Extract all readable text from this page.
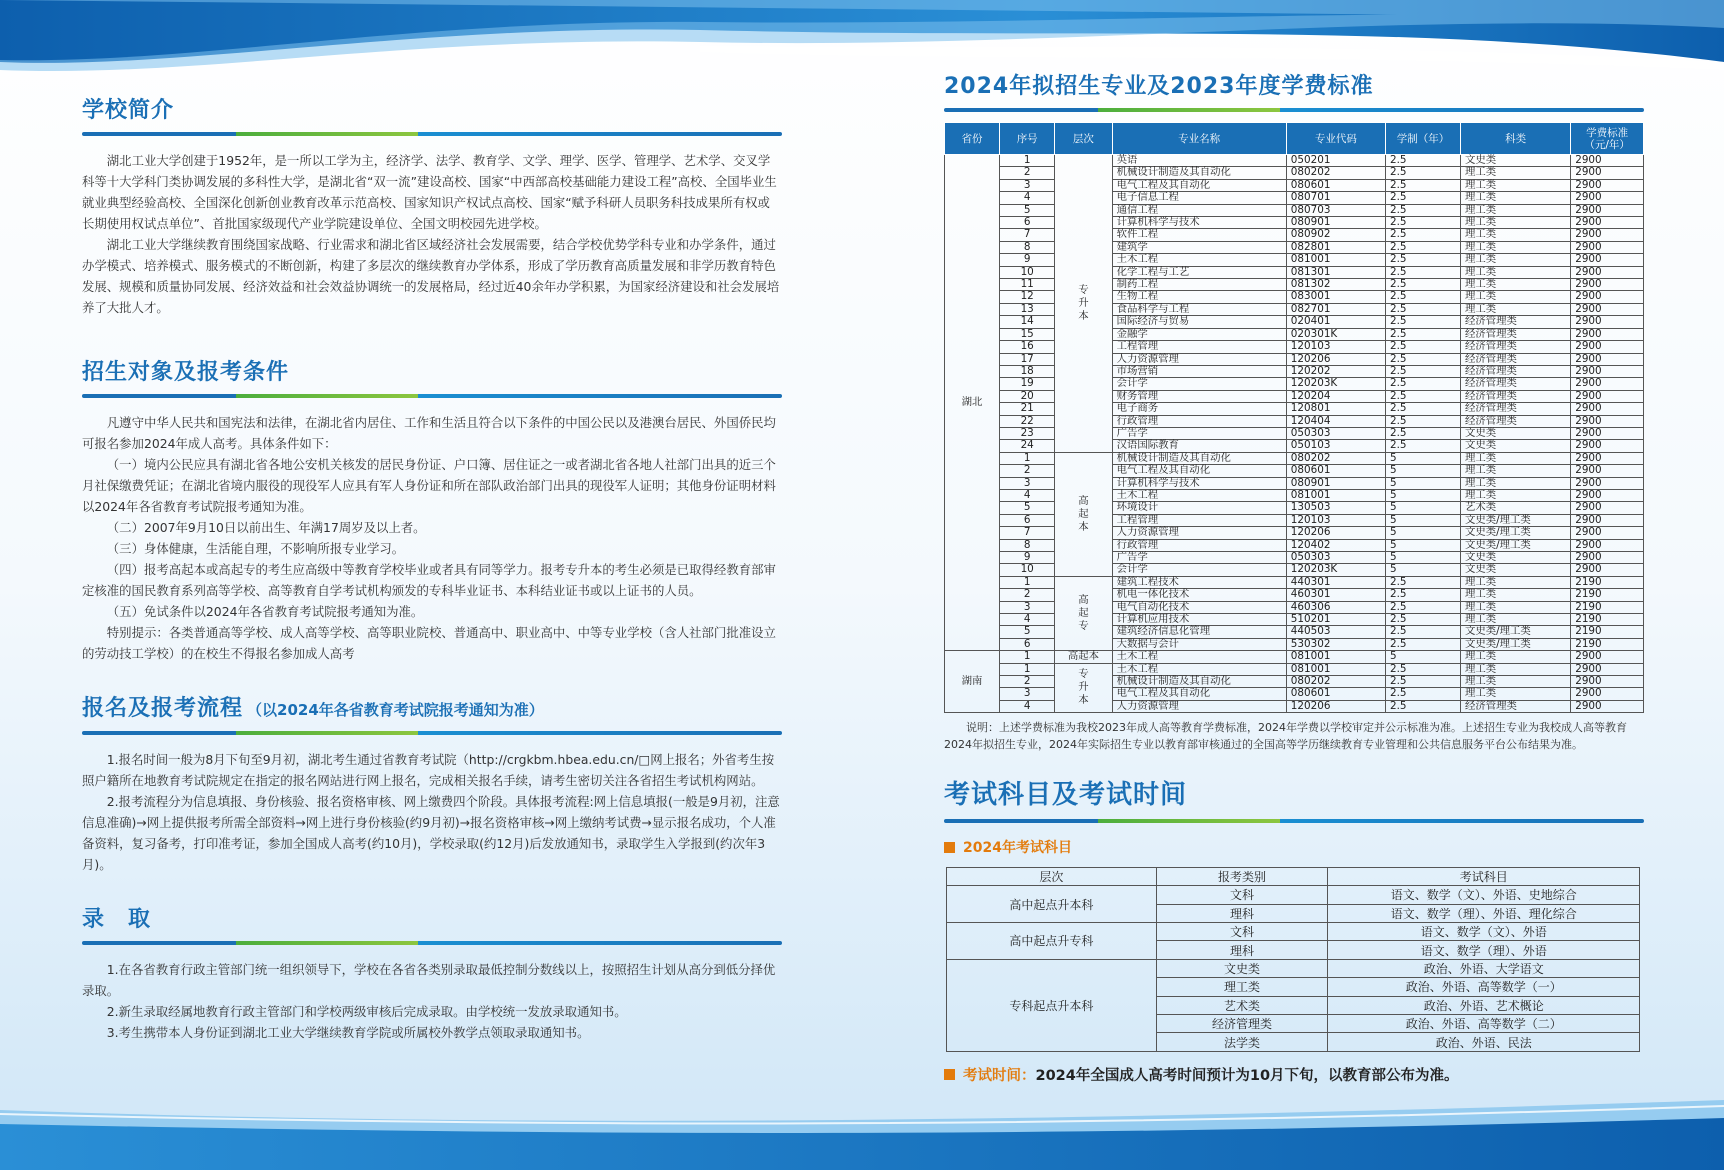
学校简介

湖北工业大学创建于1952年，是一所以工学为主，经济学、法学、教育学、文学、理学、医学、管理学、艺术学、交叉学科等十大学科门类协调发展的多科性大学，是湖北省“双一流”建设高校、国家“中西部高校基础能力建设工程”高校、全国毕业生就业典型经验高校、全国深化创新创业教育改革示范高校、国家知识产权试点高校、国家“赋予科研人员职务科技成果所有权或长期使用权试点单位”、首批国家级现代产业学院建设单位、全国文明校园先进学校。

湖北工业大学继续教育围绕国家战略、行业需求和湖北省区域经济社会发展需要，结合学校优势学科专业和办学条件，通过办学模式、培养模式、服务模式的不断创新，构建了多层次的继续教育办学体系，形成了学历教育高质量发展和非学历教育特色发展、规模和质量协同发展、经济效益和社会效益协调统一的发展格局，经过近40余年办学积累，为国家经济建设和社会发展培养了大批人才。

招生对象及报考条件

凡遵守中华人民共和国宪法和法律，在湖北省内居住、工作和生活且符合以下条件的中国公民以及港澳台居民、外国侨民均可报名参加2024年成人高考。具体条件如下：

（一）境内公民应具有湖北省各地公安机关核发的居民身份证、户口簿、居住证之一或者湖北省各地人社部门出具的近三个月社保缴费凭证；在湖北省境内服役的现役军人应具有军人身份证和所在部队政治部门出具的现役军人证明；其他身份证明材料以2024年各省教育考试院报考通知为准。

（二）2007年9月10日以前出生、年满17周岁及以上者。

（三）身体健康，生活能自理，不影响所报专业学习。

（四）报考高起本或高起专的考生应高级中等教育学校毕业或者具有同等学力。报考专升本的考生必须是已取得经教育部审定核准的国民教育系列高等学校、高等教育自学考试机构颁发的专科毕业证书、本科结业证书或以上证书的人员。

（五）免试条件以2024年各省教育考试院报考通知为准。

特别提示：各类普通高等学校、成人高等学校、高等职业院校、普通高中、职业高中、中等专业学校（含人社部门批准设立的劳动技工学校）的在校生不得报名参加成人高考

报名及报考流程 （以2024年各省教育考试院报考通知为准）

1.报名时间一般为8月下旬至9月初，湖北考生通过省教育考试院（http://crgkbm.hbea.edu.cn/□网上报名；外省考生按照户籍所在地教育考试院规定在指定的报名网站进行网上报名，完成相关报名手续，请考生密切关注各省招生考试机构网站。

2.报考流程分为信息填报、身份核验、报名资格审核、网上缴费四个阶段。具体报考流程:网上信息填报(一般是9月初，注意信息准确)→网上提供报考所需全部资料→网上进行身份核验(约9月初)→报名资格审核→网上缴纳考试费→显示报名成功，个人准备资料，复习备考，打印准考证，参加全国成人高考(约10月)，学校录取(约12月)后发放通知书，录取学生入学报到(约次年3月)。

录　取

1.在各省教育行政主管部门统一组织领导下，学校在各省各类别录取最低控制分数线以上，按照招生计划从高分到低分择优录取。

2.新生录取经属地教育行政主管部门和学校两级审核后完成录取。由学校统一发放录取通知书。

3.考生携带本人身份证到湖北工业大学继续教育学院或所属校外教学点领取录取通知书。

2024年拟招生专业及2023年度学费标准
省份	序号	层次	专业名称	专业代码	学制（年）	科类	学费标准
（元/年）
湖北	1	专升本	英语	050201	2.5	文史类	2900
	2		机械设计制造及其自动化	080202	2.5	理工类	2900
	3		电气工程及其自动化	080601	2.5	理工类	2900
	4		电子信息工程	080701	2.5	理工类	2900
	5		通信工程	080703	2.5	理工类	2900
	6		计算机科学与技术	080901	2.5	理工类	2900
	7		软件工程	080902	2.5	理工类	2900
	8		建筑学	082801	2.5	理工类	2900
	9		土木工程	081001	2.5	理工类	2900
	10		化学工程与工艺	081301	2.5	理工类	2900
	11		制药工程	081302	2.5	理工类	2900
	12		生物工程	083001	2.5	理工类	2900
	13		食品科学与工程	082701	2.5	理工类	2900
	14		国际经济与贸易	020401	2.5	经济管理类	2900
	15		金融学	020301K	2.5	经济管理类	2900
	16		工程管理	120103	2.5	经济管理类	2900
	17		人力资源管理	120206	2.5	经济管理类	2900
	18		市场营销	120202	2.5	经济管理类	2900
	19		会计学	120203K	2.5	经济管理类	2900
	20		财务管理	120204	2.5	经济管理类	2900
	21		电子商务	120801	2.5	经济管理类	2900
	22		行政管理	120404	2.5	经济管理类	2900
	23		广告学	050303	2.5	文史类	2900
	24		汉语国际教育	050103	2.5	文史类	2900
	1	高起本	机械设计制造及其自动化	080202	5	理工类	2900
	2		电气工程及其自动化	080601	5	理工类	2900
	3		计算机科学与技术	080901	5	理工类	2900
	4		土木工程	081001	5	理工类	2900
	5		环境设计	130503	5	艺术类	2900
	6		工程管理	120103	5	文史类/理工类	2900
	7		人力资源管理	120206	5	文史类/理工类	2900
	8		行政管理	120402	5	文史类/理工类	2900
	9		广告学	050303	5	文史类	2900
	10		会计学	120203K	5	文史类	2900
	1	高起专	建筑工程技术	440301	2.5	理工类	2190
	2		机电一体化技术	460301	2.5	理工类	2190
	3		电气自动化技术	460306	2.5	理工类	2190
	4		计算机应用技术	510201	2.5	理工类	2190
	5		建筑经济信息化管理	440503	2.5	文史类/理工类	2190
	6		大数据与会计	530302	2.5	文史类/理工类	2190
湖南	1	高起本	土木工程	081001	5	理工类	2900
	1	专升本	土木工程	081001	2.5	理工类	2900
	2		机械设计制造及其自动化	080202	2.5	理工类	2900
	3		电气工程及其自动化	080601	2.5	理工类	2900
	4		人力资源管理	120206	2.5	经济管理类	2900

说明：上述学费标准为我校2023年成人高等教育学费标准，2024年学费以学校审定并公示标准为准。上述招生专业为我校成人高等教育2024年拟招生专业，2024年实际招生专业以教育部审核通过的全国高等学历继续教育专业管理和公共信息服务平台公布结果为准。

考试科目及考试时间
2024年考试科目
层次	报考类别	考试科目
高中起点升本科	文科	语文、数学（文）、外语、史地综合
	理科	语文、数学（理）、外语、理化综合
高中起点升专科	文科	语文、数学（文）、外语
	理科	语文、数学（理）、外语
专科起点升本科	文史类	政治、外语、大学语文
	理工类	政治、外语、高等数学（一）
	艺术类	政治、外语、艺术概论
	经济管理类	政治、外语、高等数学（二）
	法学类	政治、外语、民法
考试时间： 2024年全国成人高考时间预计为10月下旬，以教育部公布为准。
